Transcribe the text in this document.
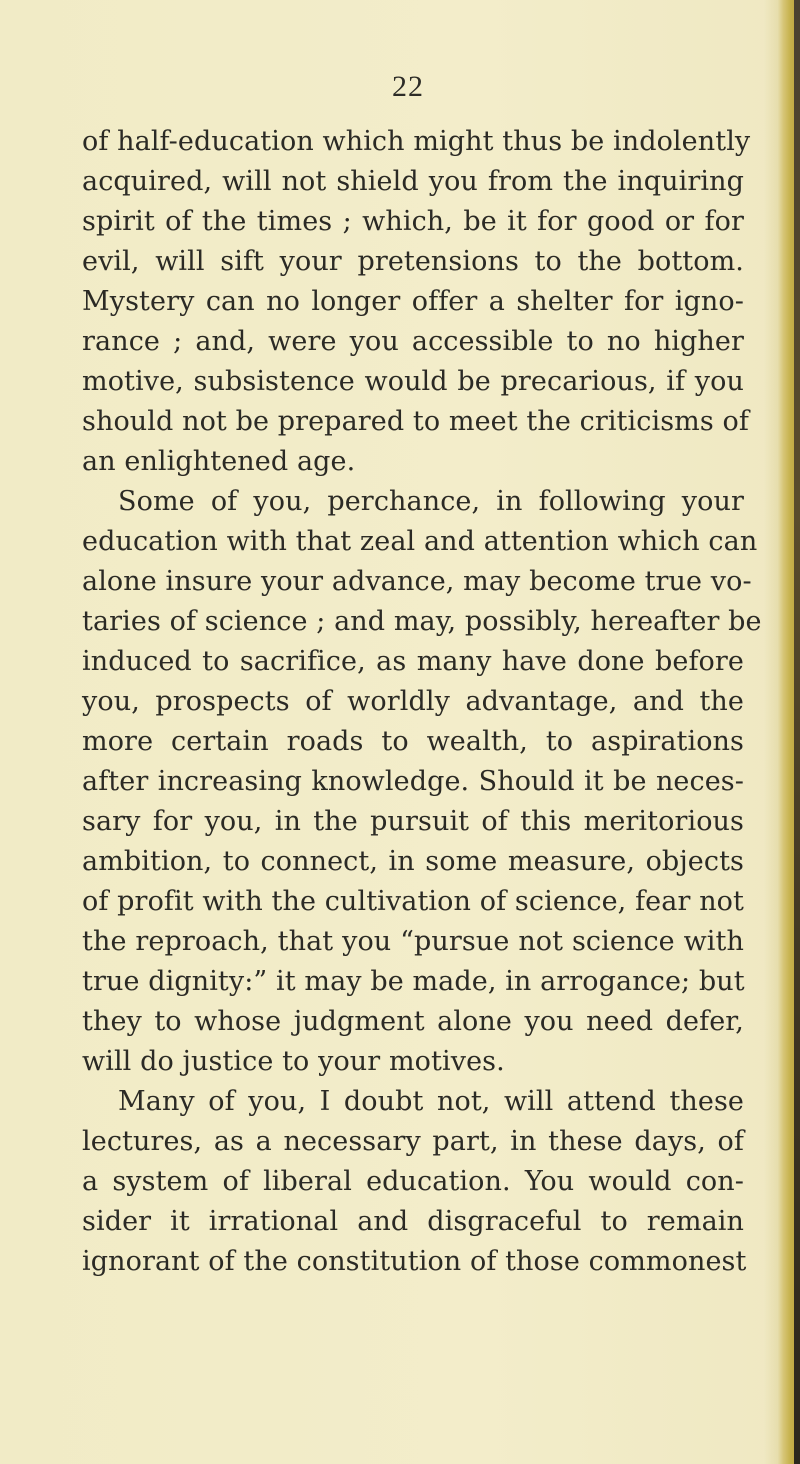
22
of half-education which might thus be indolently
acquired, will not shield you from the inquiring
spirit of the times ; which, be it for good or for
evil, will sift your pretensions to the bottom.
Mystery can no longer offer a shelter for igno-
rance ; and, were you accessible to no higher
motive, subsistence would be precarious, if you
should not be prepared to meet the criticisms of
an enlightened age.
Some of you, perchance, in following your
education with that zeal and attention which can
alone insure your advance, may become true vo-
taries of science ; and may, possibly, hereafter be
induced to sacrifice, as many have done before
you, prospects of worldly advantage, and the
more certain roads to wealth, to aspirations
after increasing knowledge. Should it be neces-
sary for you, in the pursuit of this meritorious
ambition, to connect, in some measure, objects
of profit with the cultivation of science, fear not
the reproach, that you “pursue not science with
true dignity:” it may be made, in arrogance; but
they to whose judgment alone you need defer,
will do justice to your motives.
Many of you, I doubt not, will attend these
lectures, as a necessary part, in these days, of
a system of liberal education. You would con-
sider it irrational and disgraceful to remain
ignorant of the constitution of those commonest
